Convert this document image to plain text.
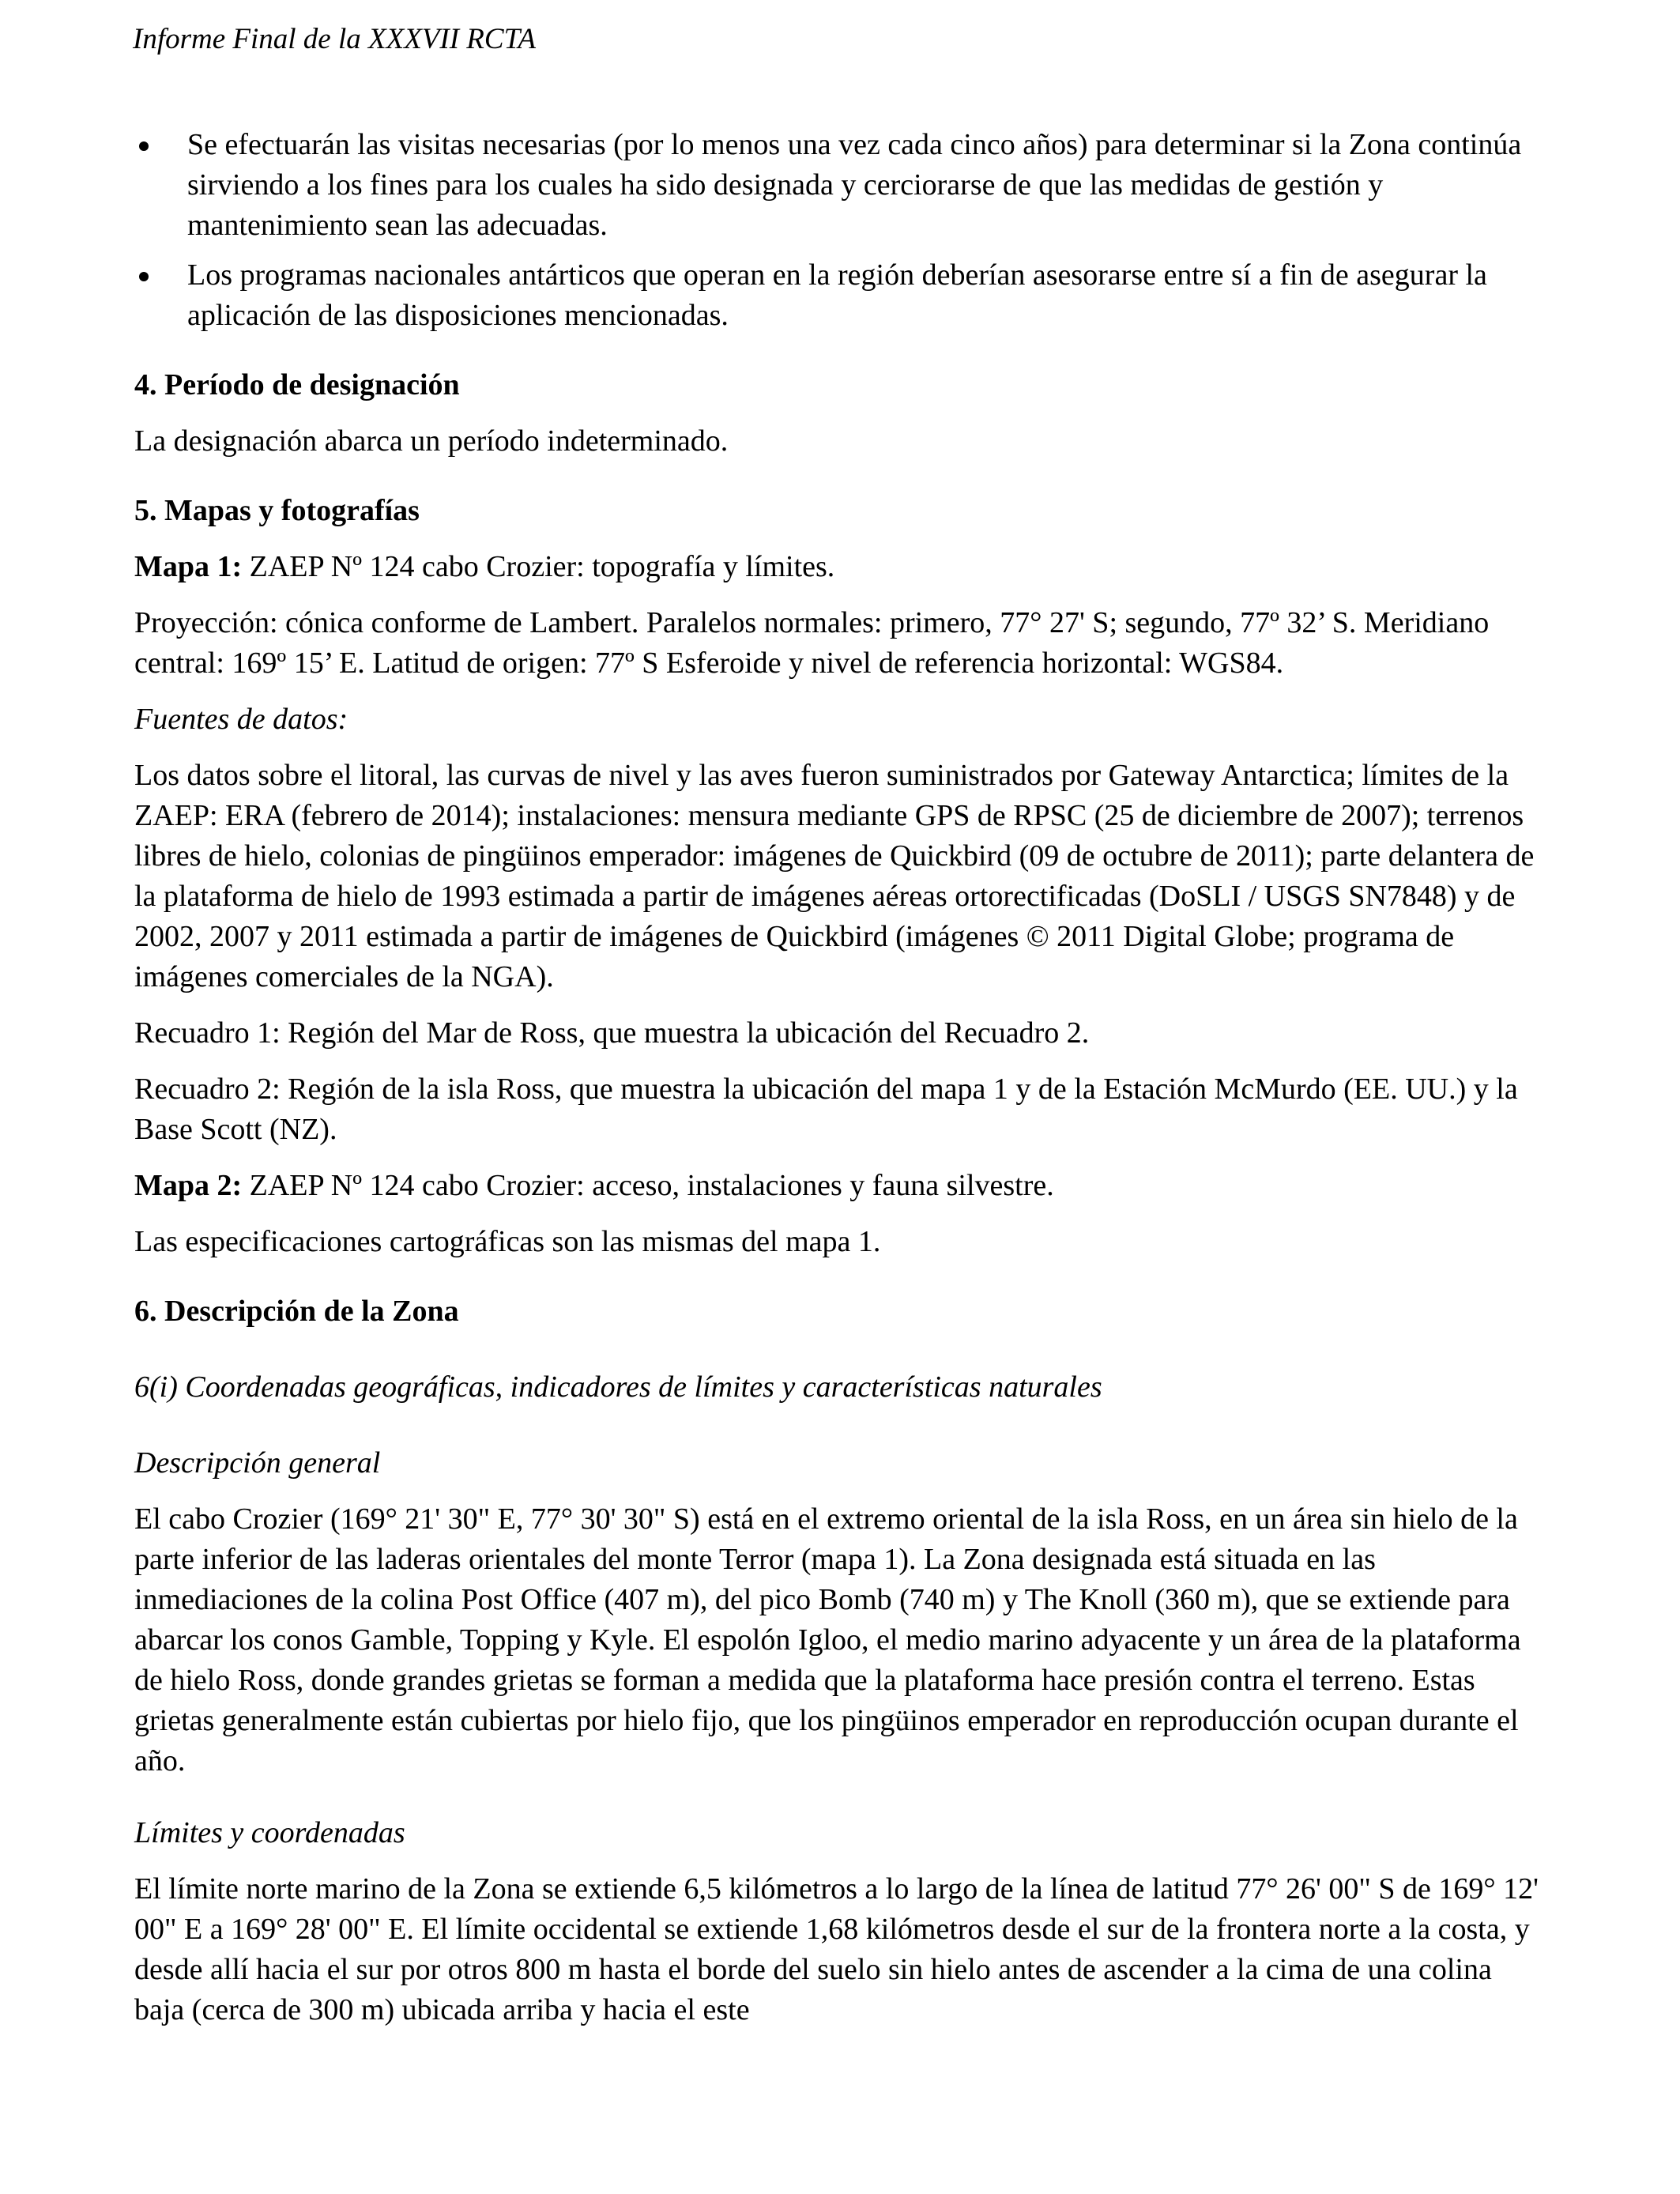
Informe Final de la XXXVII RCTA
Se efectuarán las visitas necesarias (por lo menos una vez cada cinco años) para determinar si la Zona continúa sirviendo a los fines para los cuales ha sido designada y cerciorarse de que las medidas de gestión y mantenimiento sean las adecuadas.
Los programas nacionales antárticos que operan en la región deberían asesorarse entre sí a fin de asegurar la aplicación de las disposiciones mencionadas.
4. Período de designación

La designación abarca un período indeterminado.

5. Mapas y fotografías

Mapa 1: ZAEP Nº 124 cabo Crozier: topografía y límites.

Proyección: cónica conforme de Lambert. Paralelos normales: primero, 77° 27' S; segundo, 77º 32’ S. Meridiano central: 169º 15’ E. Latitud de origen: 77º S Esferoide y nivel de referencia horizontal: WGS84.

Fuentes de datos:

Los datos sobre el litoral, las curvas de nivel y las aves fueron suministrados por Gateway Antarctica; límites de la ZAEP: ERA (febrero de 2014); instalaciones: mensura mediante GPS de RPSC (25 de diciembre de 2007); terrenos libres de hielo, colonias de pingüinos emperador: imágenes de Quickbird (09 de octubre de 2011); parte delantera de la plataforma de hielo de 1993 estimada a partir de imágenes aéreas ortorectificadas (DoSLI / USGS SN7848) y de 2002, 2007 y 2011 estimada a partir de imágenes de Quickbird (imágenes © 2011 Digital Globe; programa de imágenes comerciales de la NGA).

Recuadro 1: Región del Mar de Ross, que muestra la ubicación del Recuadro 2.

Recuadro 2: Región de la isla Ross, que muestra la ubicación del mapa 1 y de la Estación McMurdo (EE. UU.) y la Base Scott (NZ).

Mapa 2: ZAEP Nº 124 cabo Crozier: acceso, instalaciones y fauna silvestre.

Las especificaciones cartográficas son las mismas del mapa 1.

6. Descripción de la Zona

6(i) Coordenadas geográficas, indicadores de límites y características naturales

Descripción general

El cabo Crozier (169° 21' 30" E, 77° 30' 30" S) está en el extremo oriental de la isla Ross, en un área sin hielo de la parte inferior de las laderas orientales del monte Terror (mapa 1). La Zona designada está situada en las inmediaciones de la colina Post Office (407 m), del pico Bomb (740 m) y The Knoll (360 m), que se extiende para abarcar los conos Gamble, Topping y Kyle. El espolón Igloo, el medio marino adyacente y un área de la plataforma de hielo Ross, donde grandes grietas se forman a medida que la plataforma hace presión contra el terreno. Estas grietas generalmente están cubiertas por hielo fijo, que los pingüinos emperador en reproducción ocupan durante el año.

Límites y coordenadas

El límite norte marino de la Zona se extiende 6,5 kilómetros a lo largo de la línea de latitud 77° 26' 00" S de 169° 12' 00" E a 169° 28' 00" E. El límite occidental se extiende 1,68 kilómetros desde el sur de la frontera norte a la costa, y desde allí hacia el sur por otros 800 m hasta el borde del suelo sin hielo antes de ascender a la cima de una colina baja (cerca de 300 m) ubicada arriba y hacia el este
